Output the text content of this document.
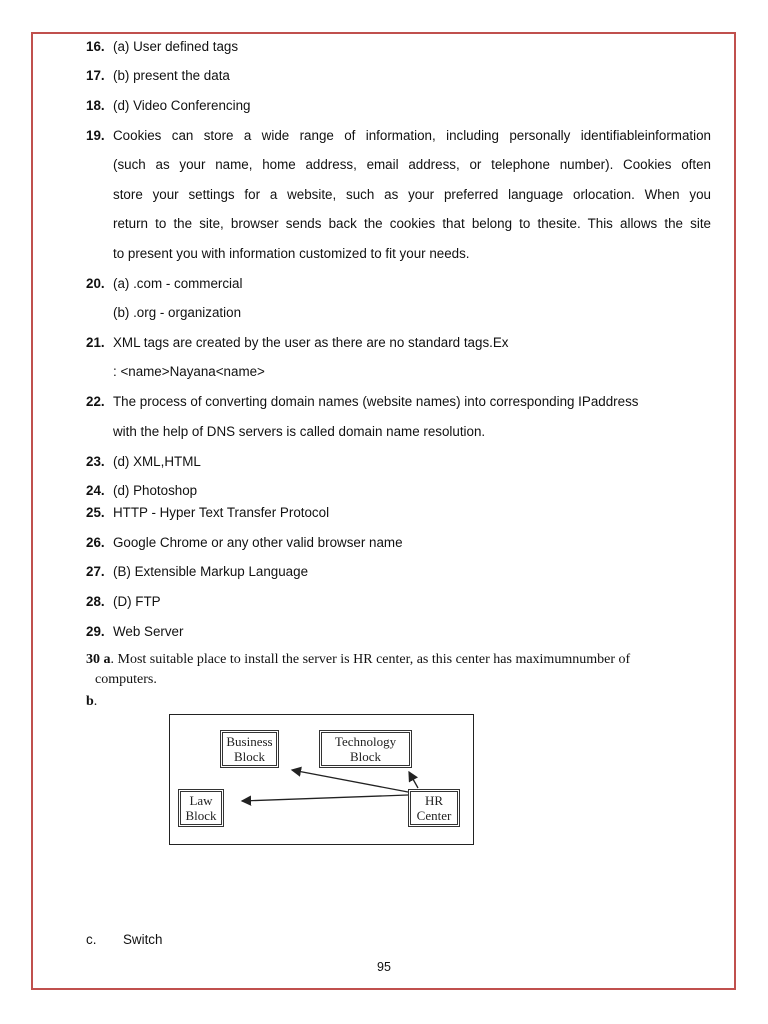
16. (a) User defined tags
17. (b) present the data
18. (d) Video Conferencing
19. Cookies can store a wide range of information, including personally identifiableinformation
(such as your name, home address, email address, or telephone number). Cookies often
store your settings for a website, such as your preferred language orlocation. When you
return to the site, browser sends back the cookies that belong to thesite. This allows the site
to present you with information customized to fit your needs.
20. (a) .com - commercial
(b) .org - organization
21. XML tags are created by the user as there are no standard tags.Ex
: <name>Nayana<name>
22. The process of converting domain names (website names) into corresponding IPaddress
with the help of DNS servers is called domain name resolution.
23. (d) XML,HTML
24. (d) Photoshop
25. HTTP - Hyper Text Transfer Protocol
26. Google Chrome or any other valid browser name
27. (B) Extensible Markup Language
28. (D) FTP
29. Web Server
30 a. Most suitable place to install the server is HR center, as this center has maximumnumber of
computers.
b.
Business
Block
Technology
Block
Law
Block
HR
Center
c. Switch
95
